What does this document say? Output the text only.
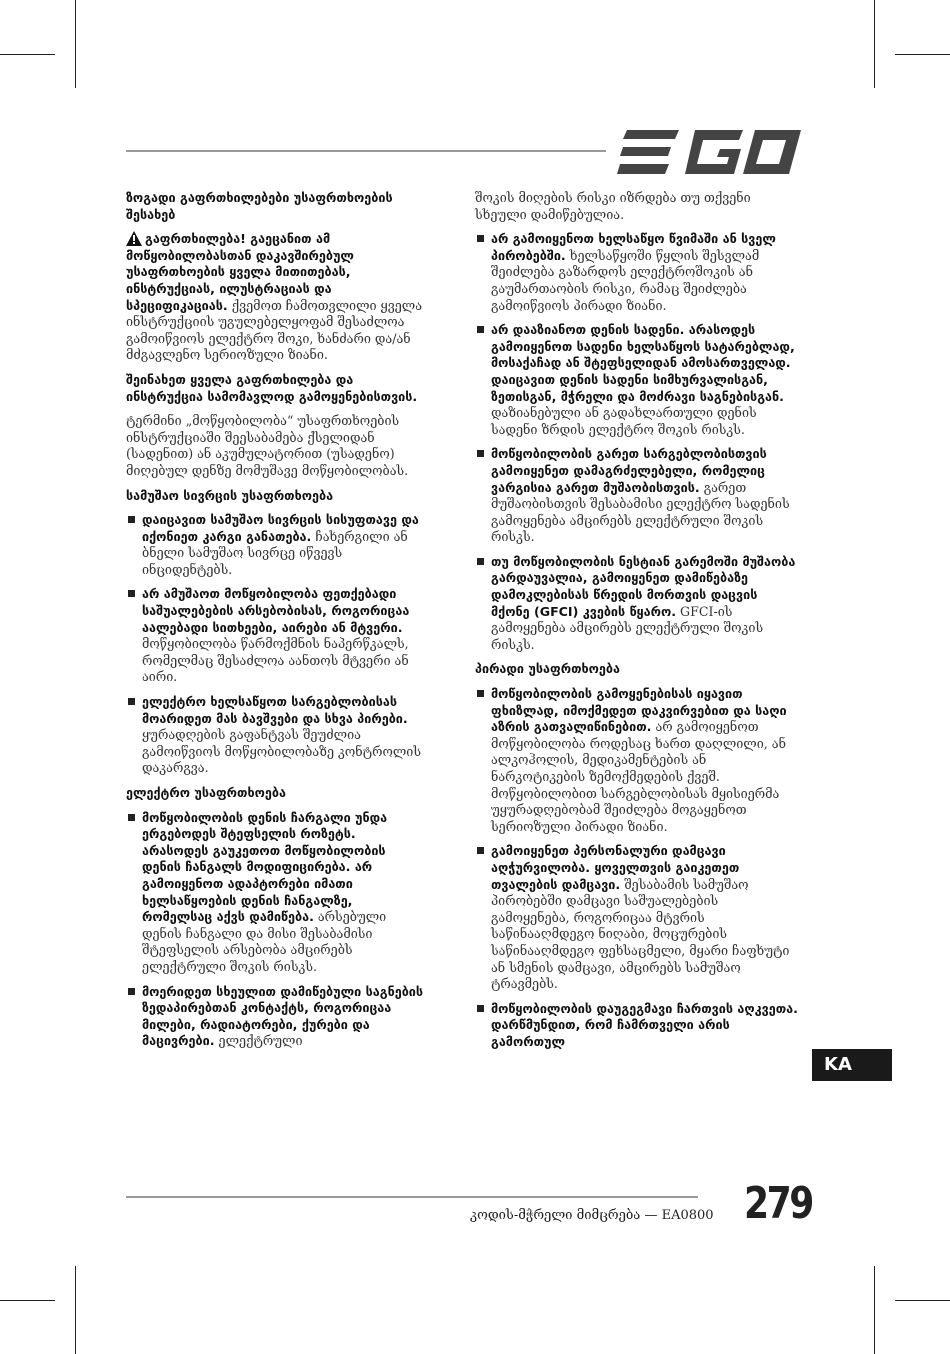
ზოგადი გაფრთხილებები უსაფრთხოების შესახებ

გაფრთხილება! გაეცანით ამ მოწყობილობასთან დაკავშირებულ უსაფრთხოების ყველა მითითებას, ინსტრუქციას, ილუსტრაციას და სპეციფიკაციას. ქვემოთ ჩამოთვლილი ყველა ინსტრუქციის უგულებელყოფამ შესაძლოა გამოიწვიოს ელექტრო შოკი, ხანძარი და/ან მძგავლენო სერიოზული ზიანი.

შეინახეთ ყველა გაფრთხილება და ინსტრუქცია სამომავლოდ გამოყენებისთვის.

ტერმინი „მოწყობილობა“ უსაფრთხოების ინსტრუქციაში შეესაბამება ქსელიდან (სადენით) ან აკუმულატორით (უსადენო) მიღებულ დენზე მომუშავე მოწყობილობას.

სამუშაო სივრცის უსაფრთხოება
დაიცავით სამუშაო სივრცის სისუფთავე და იქონიეთ კარგი განათება. ჩახერგილი ან ბნელი სამუშაო სივრცე იწვევს ინციდენტებს.
არ ამუშაოთ მოწყობილობა ფეთქებადი საშუალებების არსებობისას, როგორიცაა აალებადი სითხეები, აირები ან მტვერი. მოწყობილობა წარმოქმნის ნაპერწკალს, რომელმაც შესაძლოა აანთოს მტვერი ან აირი.
ელექტრო ხელსაწყოთ სარგებლობისას მოარიდეთ მას ბავშვები და სხვა პირები. ყურადღების გაფანტვას შეუძლია გამოიწვიოს მოწყობილობაზე კონტროლის დაკარგვა.
ელექტრო უსაფრთხოება
მოწყობილობის დენის ჩარგალი უნდა ერგებოდეს შტეფსელის როზეტს. არასოდეს გაუკეთოთ მოწყობილობის დენის ჩანგალს მოდიფიცირება. არ გამოიყენოთ ადაპტორები იმათი ხელსაწყოების დენის ჩანგალზე, რომელსაც აქვს დამიწება. არსებული დენის ჩანგალი და მისი შესაბამისი შტეფსელის არსებობა ამცირებს ელექტრული შოკის რისკს.
მოერიდეთ სხეულით დამიწებული საგნების ზედაპირებთან კონტაქტს, როგორიცაა მილები, რადიატორები, ქურები და მაცივრები. ელექტრული

შოკის მიღების რისკი იზრდება თუ თქვენი სხეული დამიწებულია.

არ გამოიყენოთ ხელსაწყო წვიმაში ან სველ პირობებში. ხელსაწყოში წყლის შესვლამ შეიძლება გაზარდოს ელექტროშოკის ან გაუმართაობის რისკი, რამაც შეიძლება გამოიწვიოს პირადი ზიანი.
არ დააზიანოთ დენის სადენი. არასოდეს გამოიყენოთ სადენი ხელსაწყოს სატარებლად, მოსაქაჩად ან შტეფსელიდან ამოსართველად. დაიცავით დენის სადენი სიმხურვალისგან, ზეთისგან, მჭრელი და მოძრავი საგნებისგან. დაზიანებული ან გადახლართული დენის სადენი ზრდის ელექტრო შოკის რისკს.
მოწყობილობის გარეთ სარგებლობისთვის გამოიყენეთ დამაგრძელებელი, რომელიც ვარგისია გარეთ მუშაობისთვის. გარეთ მუშაობისთვის შესაბამისი ელექტრო სადენის გამოყენება ამცირებს ელექტრული შოკის რისკს.
თუ მოწყობილობის ნესტიან გარემოში მუშაობა გარდაუვალია, გამოიყენეთ დამიწებაზე დამოკლებისას წრედის მორთვის დაცვის მქონე (GFCI) კვების წყარო. GFCI-ის გამოყენება ამცირებს ელექტრული შოკის რისკს.
პირადი უსაფრთხოება
მოწყობილობის გამოყენებისას იყავით ფხიზლად, იმოქმედეთ დაკვირვებით და საღი აზრის გათვალიწინებით. არ გამოიყენოთ მოწყობილობა როდესაც ხართ დაღლილი, ან ალკოჰოლის, მედიკამენტების ან ნარკოტიკების ზემოქმედების ქვეშ. მოწყობილობით სარგებლობისას მყისიერმა უყურადღებობამ შეიძლება მოგაყენოთ სერიოზული პირადი ზიანი.
გამოიყენეთ პერსონალური დამცავი აღჭურვილობა. ყოველთვის გაიკეთეთ თვალების დამცავი. შესაბამის სამუშაო პირობებში დამცავი საშუალებების გამოყენება, როგორიცაა მტვრის საწინააღმდეგო ნიღაბი, მოცურების საწინააღმდეგო ფეხსაცმელი, მყარი ჩაფხუტი ან სმენის დამცავი, ამცირებს სამუშაო ტრავმებს.
მოწყობილობის დაუგეგმავი ჩართვის აღკვეთა. დარწმუნდით, რომ ჩამრთველი არის გამორთულ
KA
კოდის-მჭრელი მიმცრება — EA0800 279
